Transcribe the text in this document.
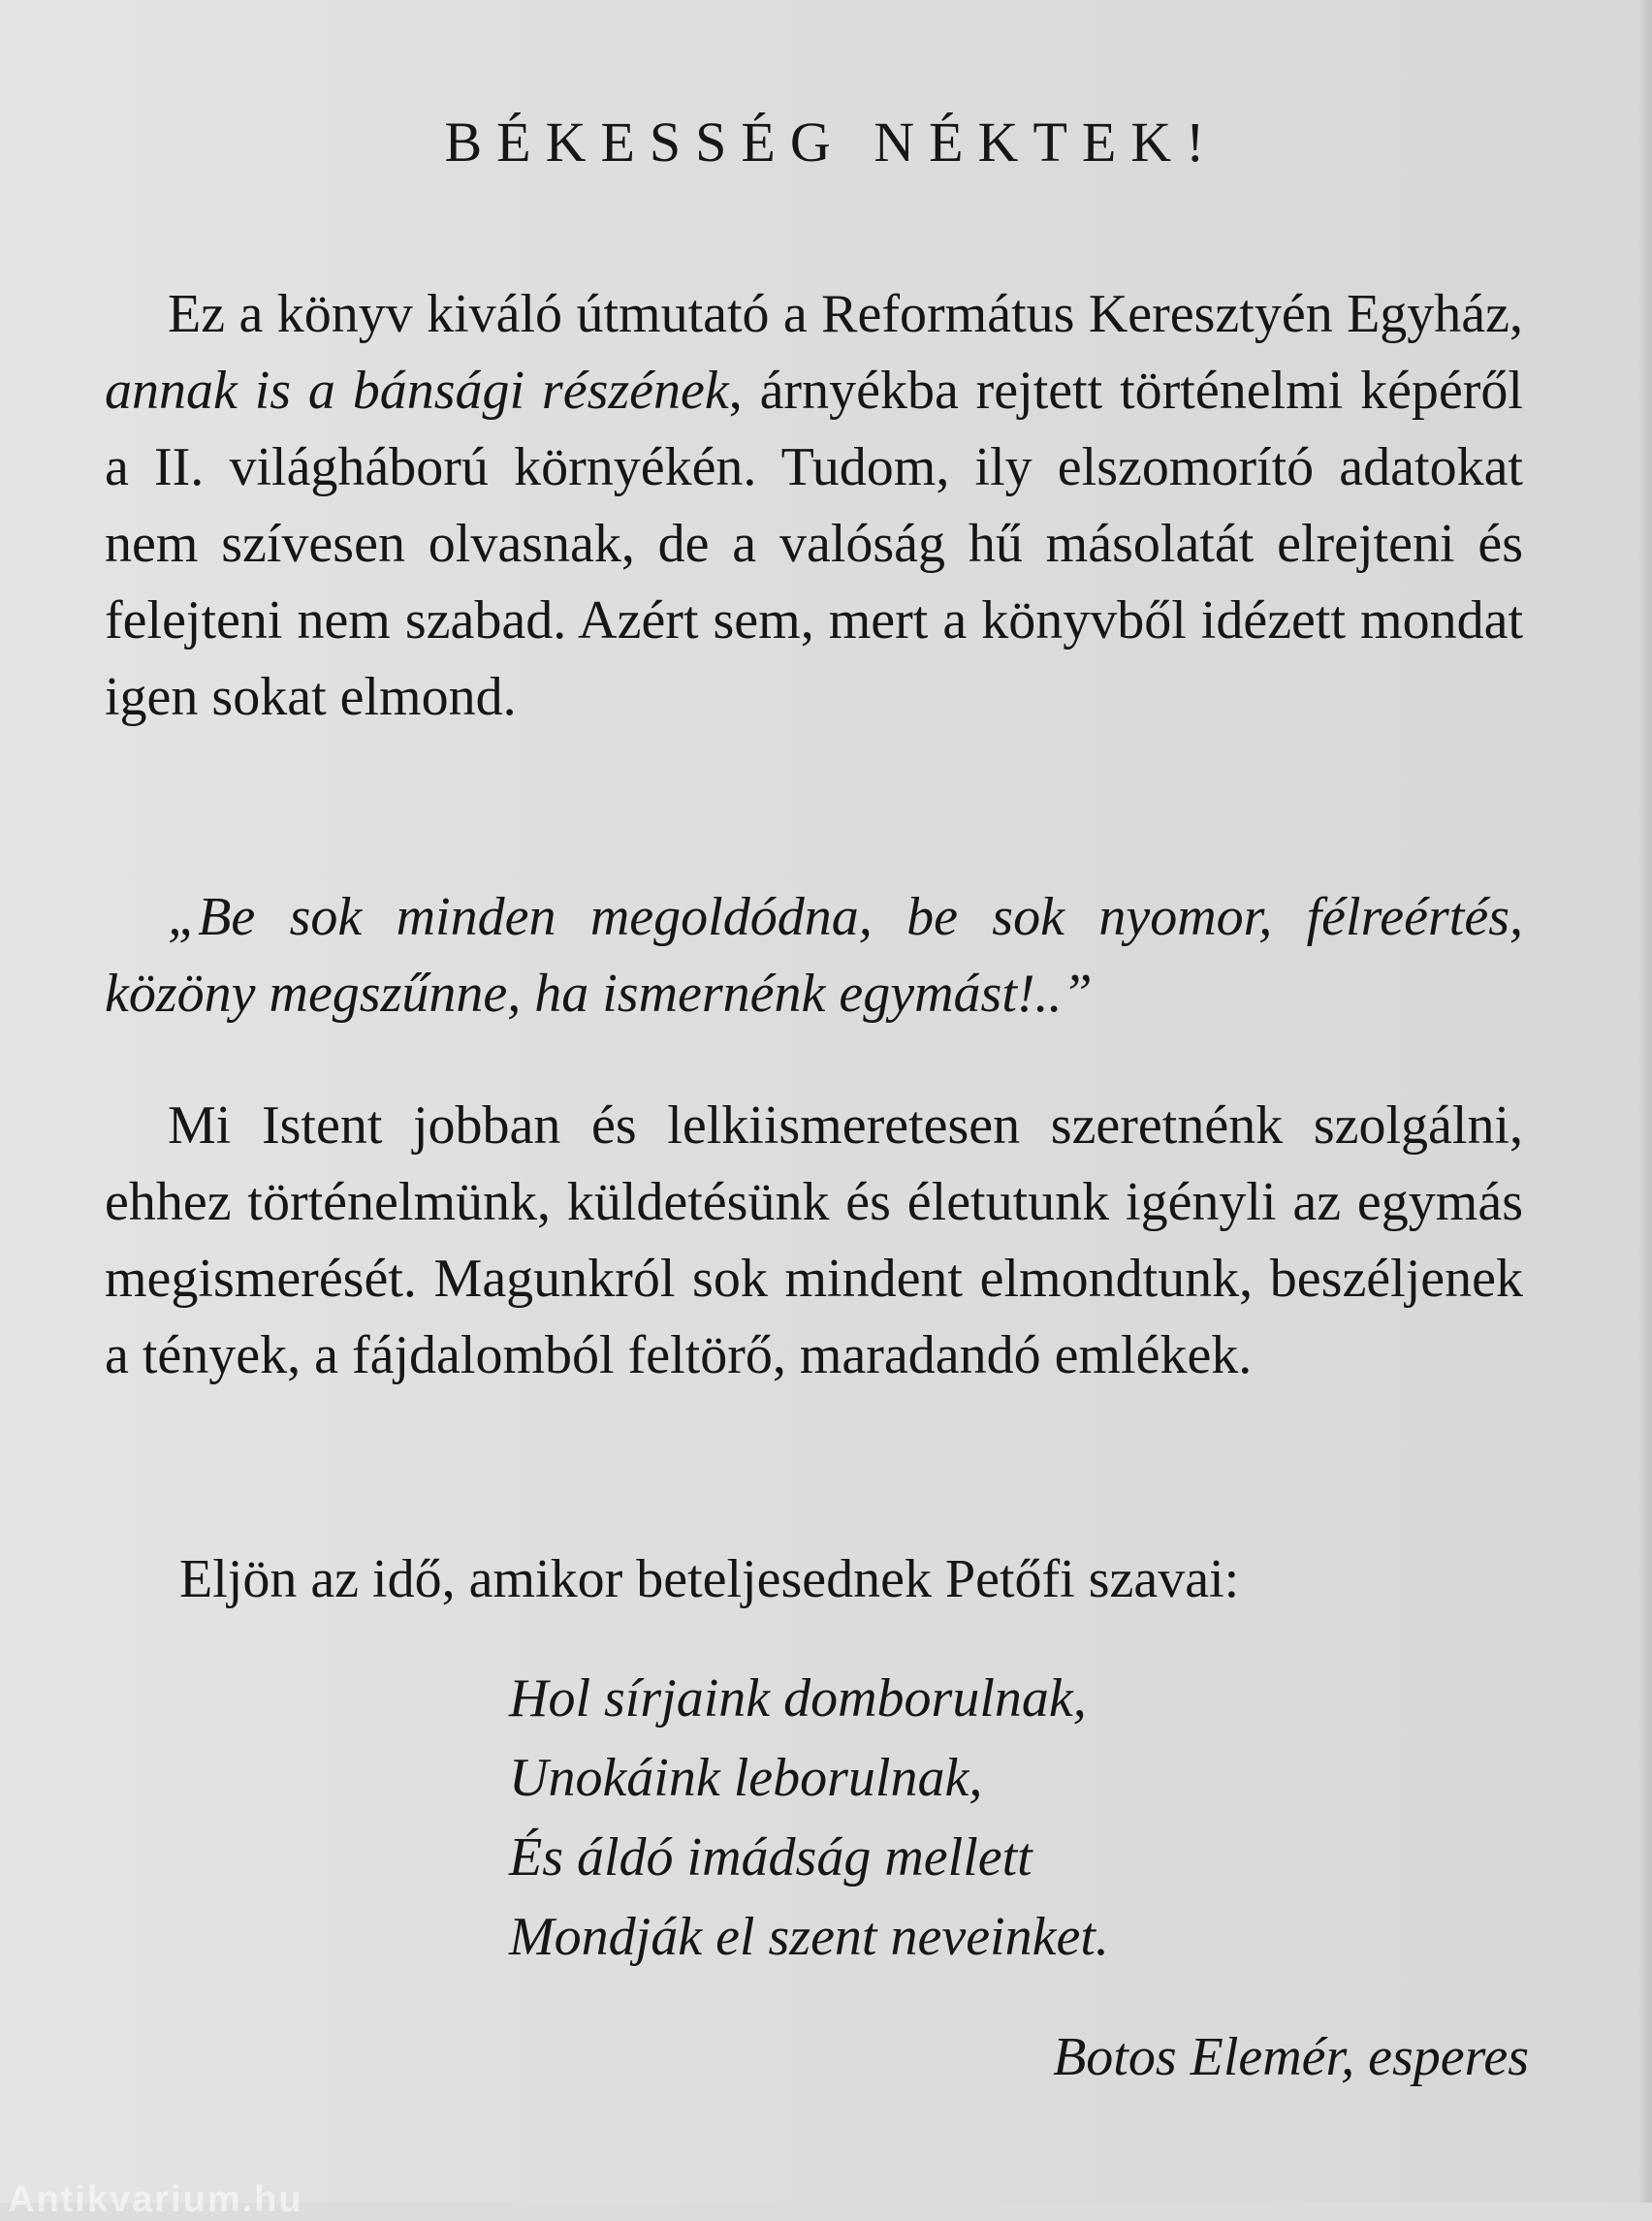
BÉKESSÉG NÉKTEK!

Ez a könyv kiváló útmutató a Református Keresztyén Egyház, annak is a bánsági részének, árnyékba rejtett történelmi képéről a II. világháború környékén. Tudom, ily elszomorító adatokat nem szívesen olvasnak, de a valóság hű másolatát elrejteni és felejteni nem szabad. Azért sem, mert a könyvből idézett mondat igen sokat elmond.

„Be sok minden megoldódna, be sok nyomor, félreértés, közöny megszűnne, ha ismernénk egymást!..”

Mi Istent jobban és lelkiismeretesen szeretnénk szolgálni, ehhez történelmünk, küldetésünk és életutunk igényli az egymás megismerését. Magunkról sok mindent elmondtunk, beszéljenek a tények, a fájdalomból feltörő, maradandó emlékek.

Eljön az idő, amikor beteljesednek Petőfi szavai:

Hol sírjaink domborulnak,
Unokáink leborulnak,
És áldó imádság mellett
Mondják el szent neveinket.

Botos Elemér, esperes

Antikvarium.hu
